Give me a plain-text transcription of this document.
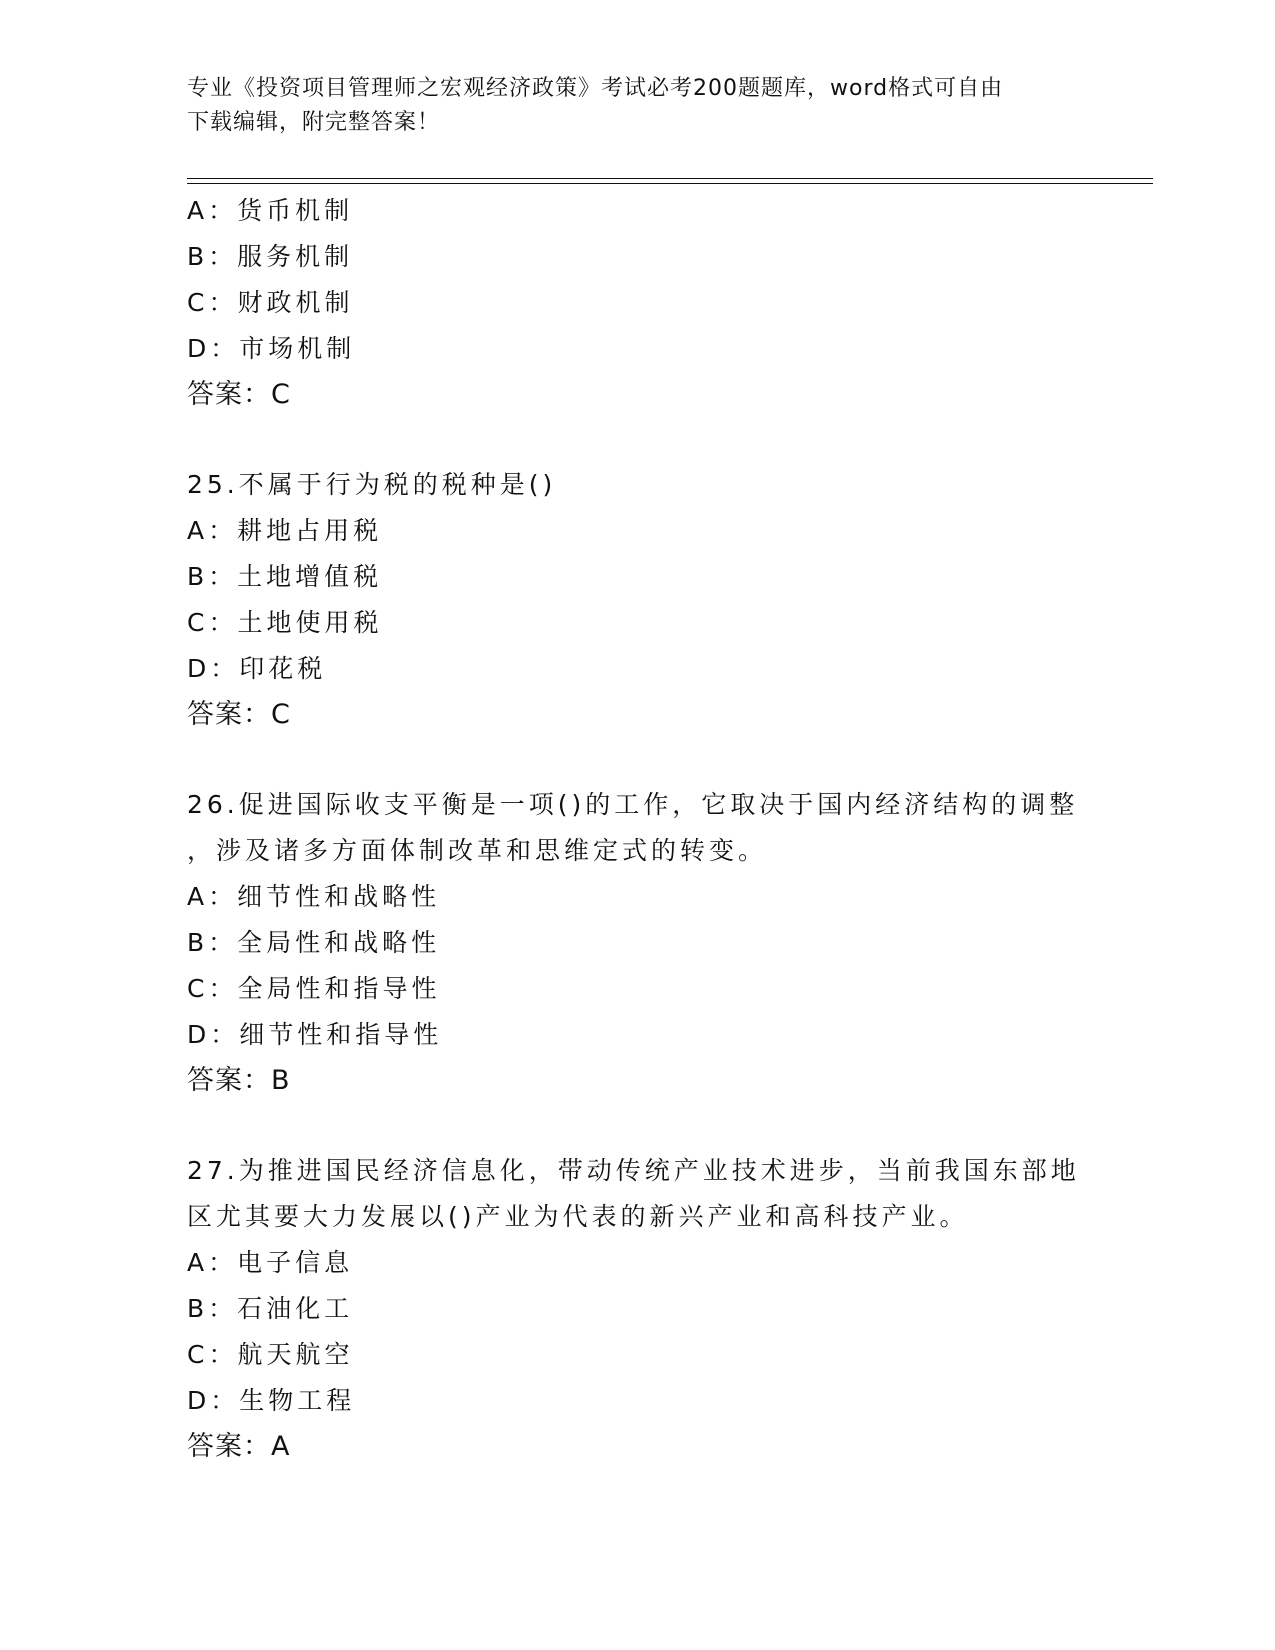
专业《投资项目管理师之宏观经济政策》考试必考200题题库，word格式可自由
下载编辑，附完整答案！
A：货币机制
B：服务机制
C：财政机制
D：市场机制
答案：C
25.不属于行为税的税种是()
A：耕地占用税
B：土地增值税
C：土地使用税
D：印花税
答案：C
26.促进国际收支平衡是一项()的工作，它取决于国内经济结构的调整
，涉及诸多方面体制改革和思维定式的转变。
A：细节性和战略性
B：全局性和战略性
C：全局性和指导性
D：细节性和指导性
答案：B
27.为推进国民经济信息化，带动传统产业技术进步，当前我国东部地
区尤其要大力发展以()产业为代表的新兴产业和高科技产业。
A：电子信息
B：石油化工
C：航天航空
D：生物工程
答案：A
